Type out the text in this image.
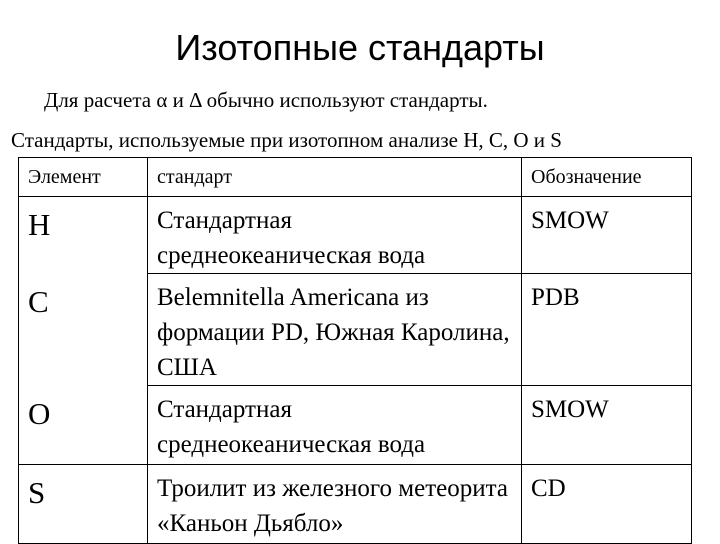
Изотопные стандарты
Для расчета α и Δ обычно используют стандарты.
Стандарты, используемые при изотопном анализе H, C, O и S
Элемент	стандарт	Обозначение
H	Стандартная среднеокеаническая вода	SMOW
C	Belemnitella Americana из формации PD, Южная Каролина, США	PDB
O	Стандартная среднеокеаническая вода	SMOW
S	Троилит из железного метеорита «Каньон Дьябло»	CD
